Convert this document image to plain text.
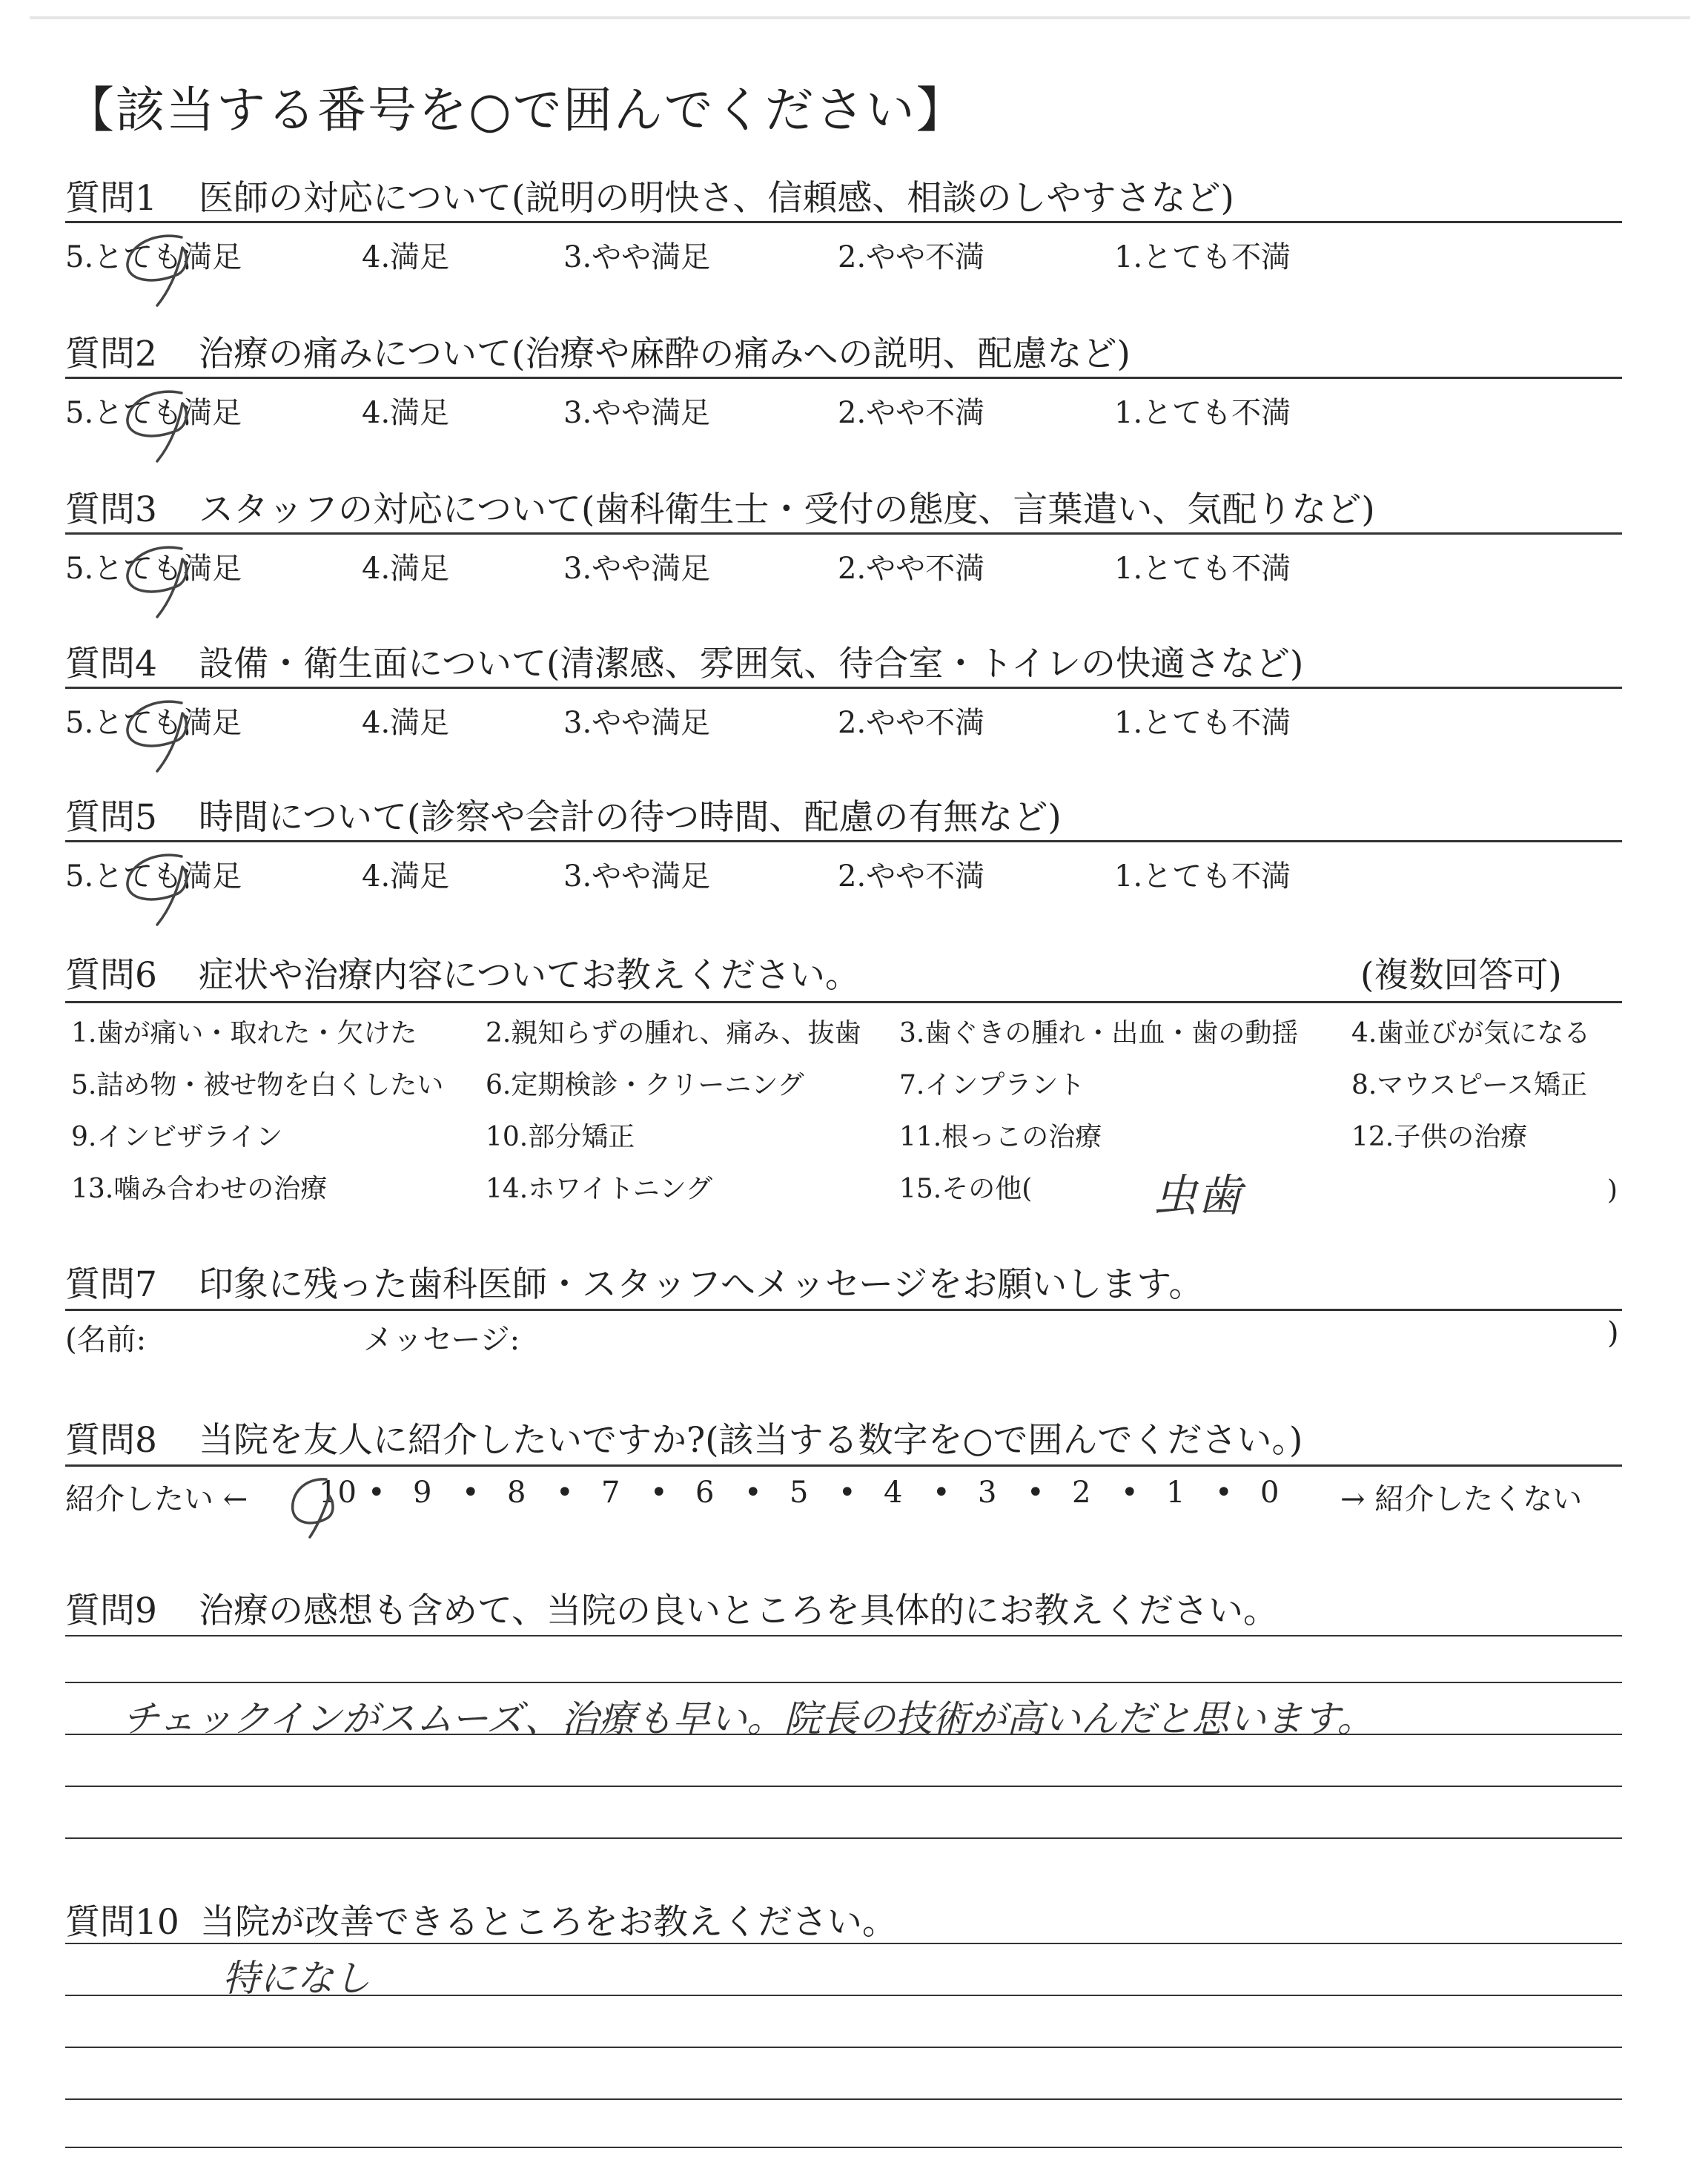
【該当する番号を○で囲んでください】
質問1 医師の対応について(説明の明快さ、信頼感、相談のしやすさなど)
5.とても満足	4.満足	3.やや満足	2.やや不満	1.とても不満
質問2 治療の痛みについて(治療や麻酔の痛みへの説明、配慮など)
5.とても満足	4.満足	3.やや満足	2.やや不満	1.とても不満
質問3 スタッフの対応について(歯科衛生士・受付の態度、言葉遣い、気配りなど)
5.とても満足	4.満足	3.やや満足	2.やや不満	1.とても不満
質問4 設備・衛生面について(清潔感、雰囲気、待合室・トイレの快適さなど)
5.とても満足	4.満足	3.やや満足	2.やや不満	1.とても不満
質問5 時間について(診察や会計の待つ時間、配慮の有無など)
5.とても満足	4.満足	3.やや満足	2.やや不満	1.とても不満
質問6 症状や治療内容についてお教えください。	(複数回答可)
1.歯が痛い・取れた・欠けた	2.親知らずの腫れ、痛み、抜歯 3.歯ぐきの腫れ・出血・歯の動揺 4.歯並びが気になる
5.詰め物・被せ物を白くしたい 6.定期検診・クリーニング	7.インプラント	8.マウスピース矯正
9.インビザライン	10.部分矯正	11.根っこの治療	12.子供の治療
13.噛み合わせの治療	14.ホワイトニング	15.その他(	)
虫歯
質問7 印象に残った歯科医師・スタッフへメッセージをお願いします。
(名前:	メッセージ:	)
質問8 当院を友人に紹介したいですか?(該当する数字を○で囲んでください。)
紹介したい ← 10 • 9 • 8 • 7 • 6 • 5 • 4 • 3 • 2 • 1 • 0 → 紹介したくない
質問9 治療の感想も含めて、当院の良いところを具体的にお教えください。
チェックインがスムーズ、治療も早い。院長の技術が高いんだと思います。
質問10 当院が改善できるところをお教えください。
特になし
